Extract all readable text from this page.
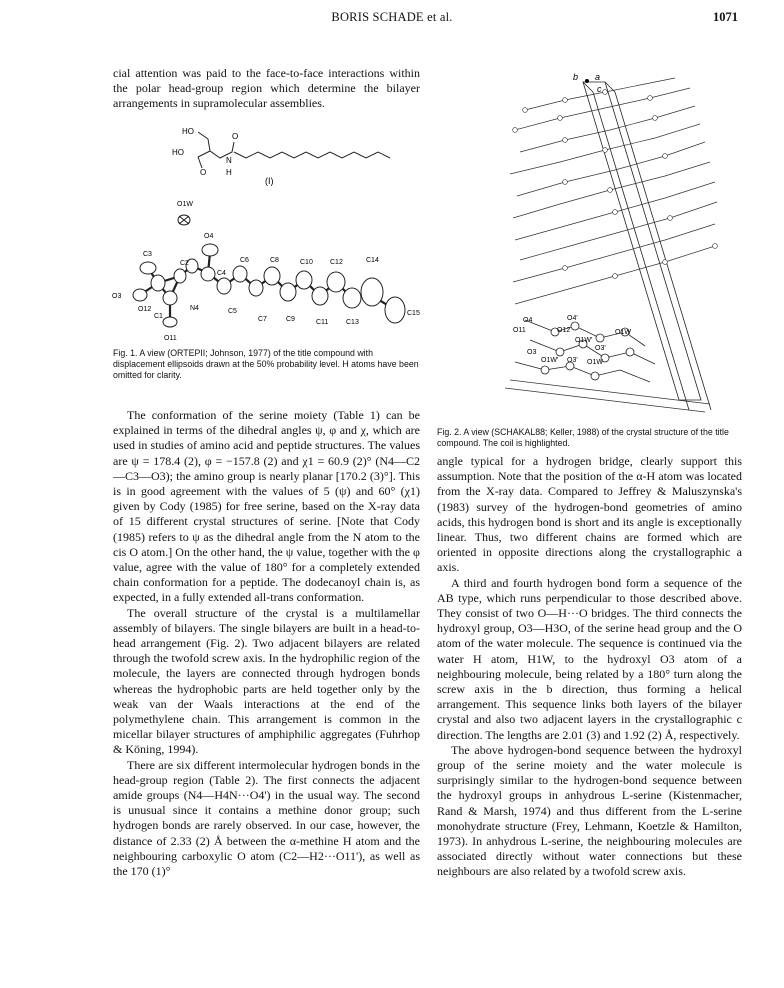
BORIS SCHADE et al.	1071

cial attention was paid to the face-to-face interactions within the polar head-group region which determine the bilayer arrangements in supramolecular assemblies.

HO
HO
O
N
O H
(I)
O1W
O4
C3
C2
C4
C6	C8	C10 C12	C14
O3
O12
C1
N4	C5
C7	C9	C11	C13
C15
O11
Fig. 1. A view (ORTEPII; Johnson, 1977) of the title compound with displacement ellipsoids drawn at the 50% probability level. H atoms have been omitted for clarity.

The conformation of the serine moiety (Table 1) can be explained in terms of the dihedral angles ψ, φ and χ, which are used in studies of amino acid and peptide structures. The values are ψ = 178.4 (2), φ = −157.8 (2) and χ1 = 60.9 (2)° (N4—C2—C3—O3); the amino group is nearly planar [170.2 (3)°]. This is in good agreement with the values of 5 (ψ) and 60° (χ1) given by Cody (1985) for free serine, based on the X-ray data of 15 different crystal structures of serine. [Note that Cody (1985) refers to ψ as the dihedral angle from the N atom to the cis O atom.] On the other hand, the ψ value, together with the φ value, agree with the value of 180° for a completely extended chain conformation for a peptide. The dodecanoyl chain is, as expected, in a fully extended all-trans conformation.

The overall structure of the crystal is a multilamellar assembly of bilayers. The single bilayers are built in a head-to-head arrangement (Fig. 2). Two adjacent bilayers are related through the twofold screw axis. In the hydrophilic region of the molecule, the layers are connected through hydrogen bonds whereas the hydrophobic parts are held together only by the weak van der Waals interactions at the end of the polymethylene chain. This arrangement is common in the micellar bilayer structures of amphiphilic aggregates (Fuhrhop & Köning, 1994).

There are six different intermolecular hydrogen bonds in the head-group region (Table 2). The first connects the adjacent amide groups (N4—H4N···O4') in the usual way. The second is unusual since it contains a methine donor group; such hydrogen bonds are rarely observed. In our case, however, the distance of 2.33 (2) Å between the α-methine H atom and the neighbouring carboxylic O atom (C2—H2···O11'), as well as the 170 (1)°

b a
c
O4	O4'
O11	O12	O1W
O1W'
O3
O3'
O1W' O3' O1W
Fig. 2. A view (SCHAKAL88; Keller, 1988) of the crystal structure of the title compound. The coil is highlighted.

angle typical for a hydrogen bridge, clearly support this assumption. Note that the position of the α-H atom was located from the X-ray data. Compared to Jeffrey & Maluszynska's (1983) survey of the hydrogen-bond geometries of amino acids, this hydrogen bond is short and its angle is exceptionally linear. Thus, two different chains are formed which are oriented in opposite directions along the crystallographic a axis.

A third and fourth hydrogen bond form a sequence of the AB type, which runs perpendicular to those described above. They consist of two O—H···O bridges. The third connects the hydroxyl group, O3—H3O, of the serine head group and the O atom of the water molecule. The sequence is continued via the water H atom, H1W, to the hydroxyl O3 atom of a neighbouring molecule, being related by a 180° turn along the screw axis in the b direction, thus forming a helical arrangement. This sequence links both layers of the bilayer crystal and also two adjacent layers in the crystallographic c direction. The lengths are 2.01 (3) and 1.92 (2) Å, respectively.

The above hydrogen-bond sequence between the hydroxyl group of the serine moiety and the water molecule is surprisingly similar to the hydrogen-bond sequence between the hydroxyl groups in anhydrous L-serine (Kistenmacher, Rand & Marsh, 1974) and thus different from the L-serine monohydrate structure (Frey, Lehmann, Koetzle & Hamilton, 1973). In anhydrous L-serine, the neighbouring molecules are associated directly without water connections but these neighbours are also related by a twofold screw axis.
